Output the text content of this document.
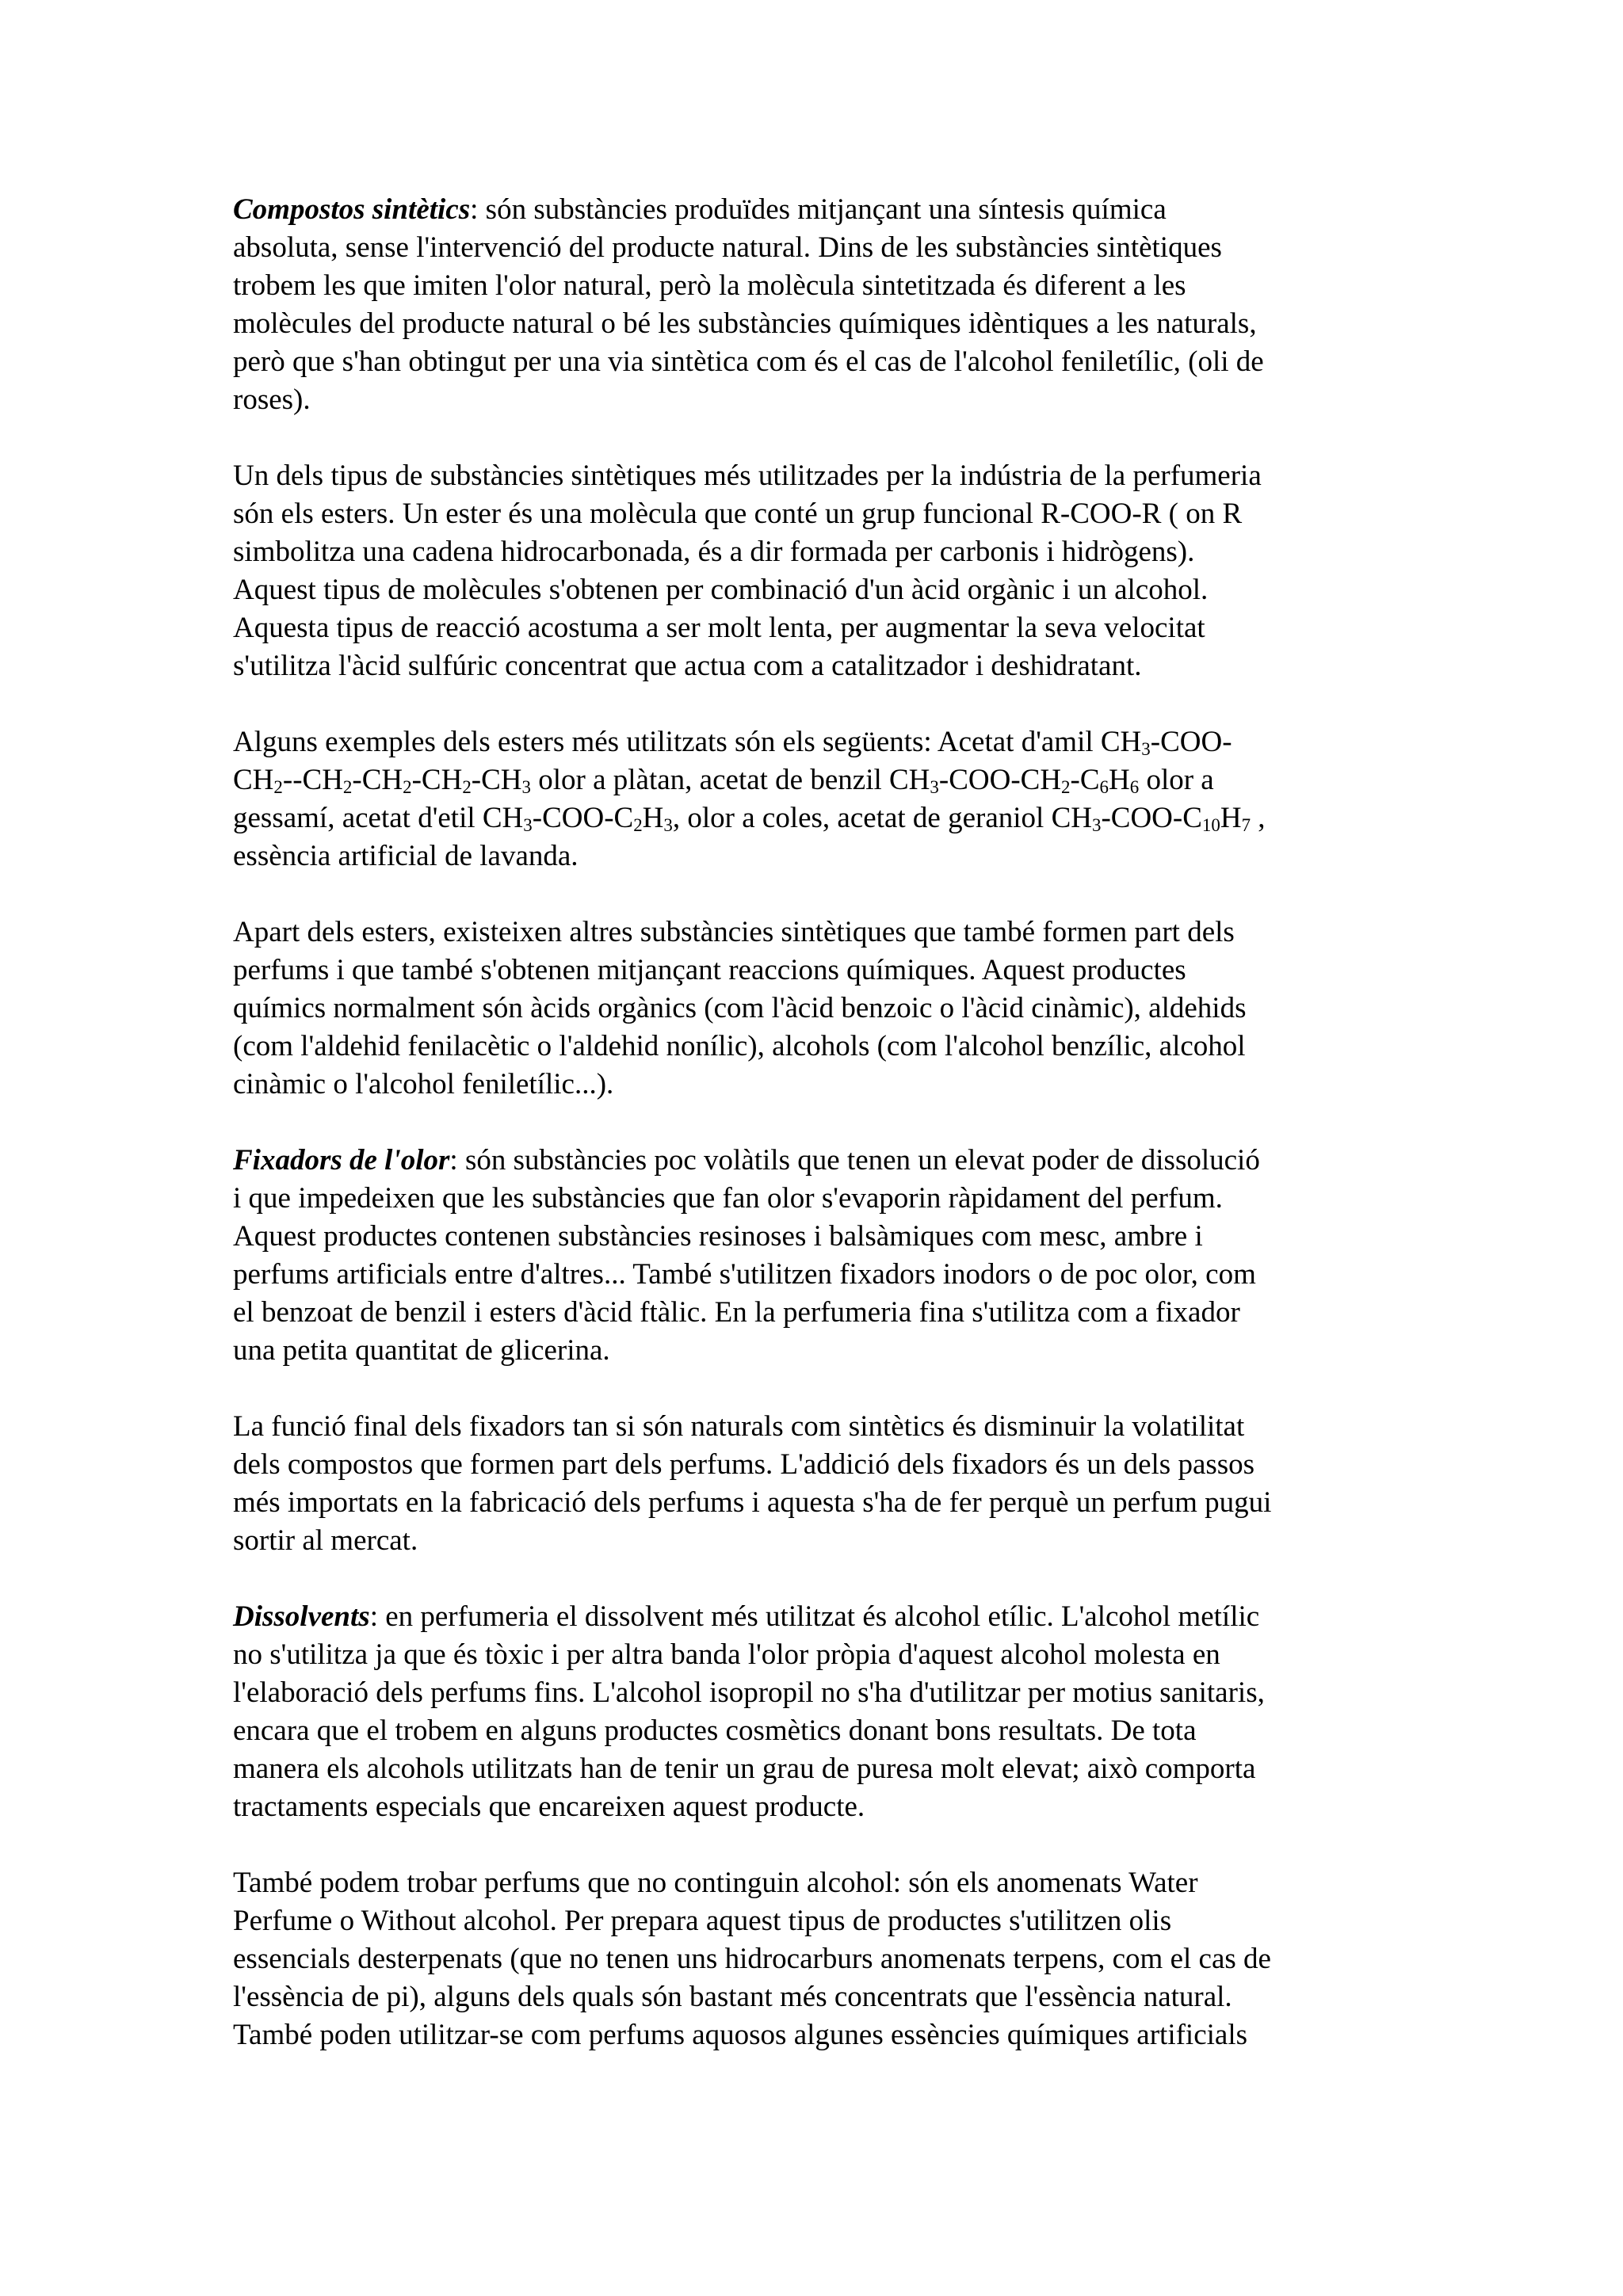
Compostos sintètics: són substàncies produïdes mitjançant una síntesis química
absoluta, sense l'intervenció del producte natural. Dins de les substàncies sintètiques
trobem les que imiten l'olor natural, però la molècula sintetitzada és diferent a les
molècules del producte natural o bé les substàncies químiques idèntiques a les naturals,
però que s'han obtingut per una via sintètica com és el cas de l'alcohol feniletílic, (oli de
roses).

Un dels tipus de substàncies sintètiques més utilitzades per la indústria de la perfumeria
són els esters. Un ester és una molècula que conté un grup funcional R-COO-R ( on R
simbolitza una cadena hidrocarbonada, és a dir formada per carbonis i hidrògens).
Aquest tipus de molècules s'obtenen per combinació d'un àcid orgànic i un alcohol.
Aquesta tipus de reacció acostuma a ser molt lenta, per augmentar la seva velocitat
s'utilitza l'àcid sulfúric concentrat que actua com a catalitzador i deshidratant.

Alguns exemples dels esters més utilitzats són els següents: Acetat d'amil $CH_3-COO-$
$CH_2--CH_2-CH_2-CH_2-CH_3$ olor a plàtan, acetat de benzil $CH_3-COO-CH_2-C_6H_6$ olor a
gessamí, acetat d'etil $CH_3-COO-C_2H_3$, olor a coles, acetat de geraniol $CH_3-COO-C_{10}H_7$ ,
essència artificial de lavanda.

Apart dels esters, existeixen altres substàncies sintètiques que també formen part dels
perfums i que també s'obtenen mitjançant reaccions químiques. Aquest productes
químics normalment són àcids orgànics (com l'àcid benzoic o l'àcid cinàmic), aldehids
(com l'aldehid fenilacètic o l'aldehid nonílic), alcohols (com l'alcohol benzílic, alcohol
cinàmic o l'alcohol feniletílic...).

Fixadors de l'olor: són substàncies poc volàtils que tenen un elevat poder de dissolució
i que impedeixen que les substàncies que fan olor s'evaporin ràpidament del perfum.
Aquest productes contenen substàncies resinoses i balsàmiques com mesc, ambre i
perfums artificials entre d'altres... També s'utilitzen fixadors inodors o de poc olor, com
el benzoat de benzil i esters d'àcid ftàlic. En la perfumeria fina s'utilitza com a fixador
una petita quantitat de glicerina.

La funció final dels fixadors tan si són naturals com sintètics és disminuir la volatilitat
dels compostos que formen part dels perfums. L'addició dels fixadors és un dels passos
més importats en la fabricació dels perfums i aquesta s'ha de fer perquè un perfum pugui
sortir al mercat.

Dissolvents: en perfumeria el dissolvent més utilitzat és alcohol etílic. L'alcohol metílic
no s'utilitza ja que és tòxic i per altra banda l'olor pròpia d'aquest alcohol molesta en
l'elaboració dels perfums fins. L'alcohol isopropil no s'ha d'utilitzar per motius sanitaris,
encara que el trobem en alguns productes cosmètics donant bons resultats. De tota
manera els alcohols utilitzats han de tenir un grau de puresa molt elevat; això comporta
tractaments especials que encareixen aquest producte.

També podem trobar perfums que no continguin alcohol: són els anomenats Water
Perfume o Without alcohol. Per prepara aquest tipus de productes s'utilitzen olis
essencials desterpenats (que no tenen uns hidrocarburs anomenats terpens, com el cas de
l'essència de pi), alguns dels quals són bastant més concentrats que l'essència natural.
També poden utilitzar-se com perfums aquosos algunes essències químiques artificials
